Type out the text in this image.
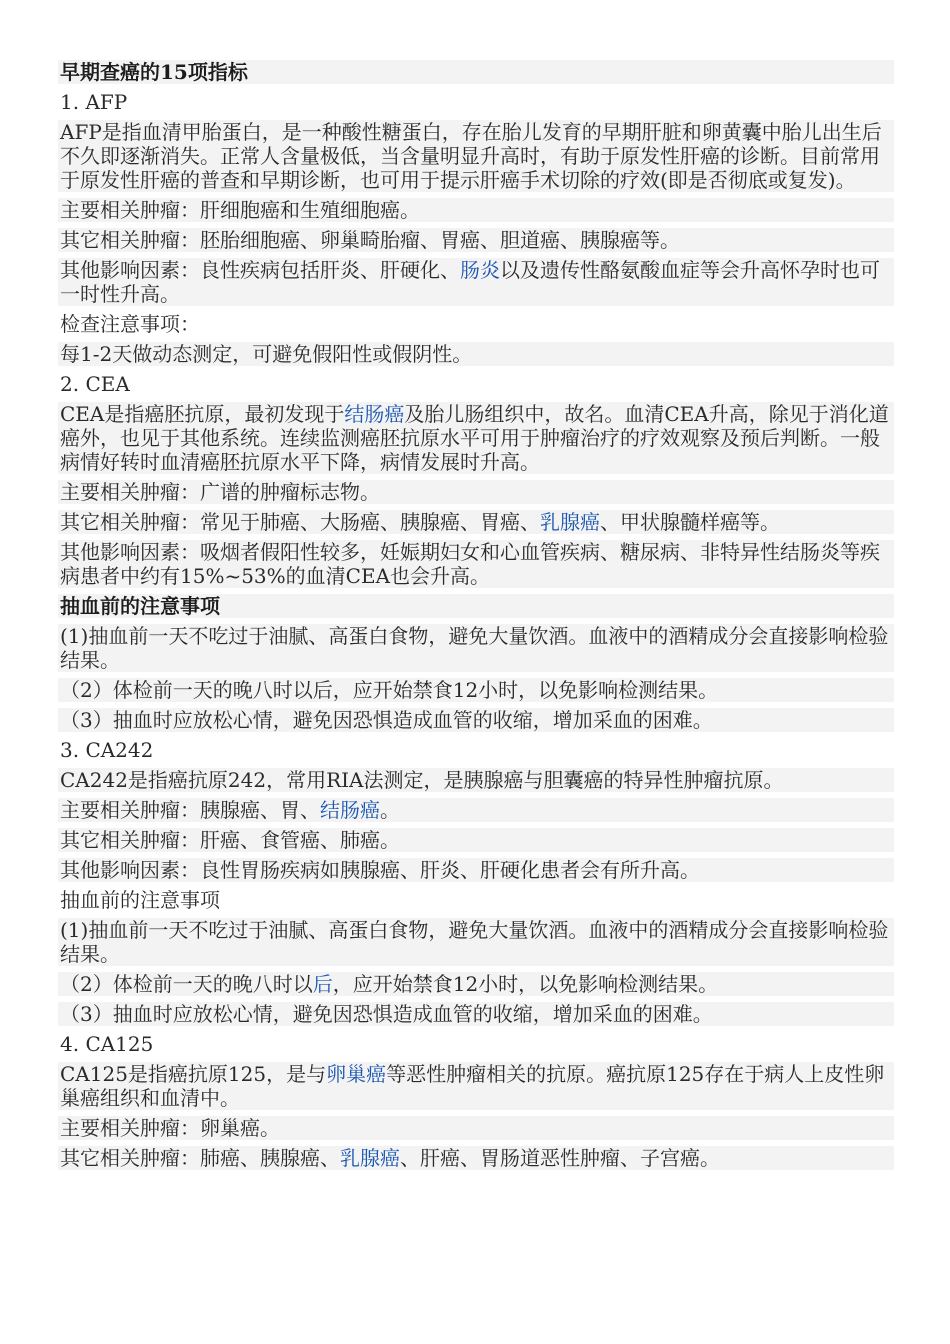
早期查癌的15项指标
1. AFP
AFP是指血清甲胎蛋白，是一种酸性糖蛋白，存在胎儿发育的早期肝脏和卵黄囊中胎儿出生后不久即逐渐消失。正常人含量极低，当含量明显升高时，有助于原发性肝癌的诊断。目前常用于原发性肝癌的普查和早期诊断，也可用于提示肝癌手术切除的疗效(即是否彻底或复发)。
主要相关肿瘤：肝细胞癌和生殖细胞癌。
其它相关肿瘤：胚胎细胞癌、卵巢畸胎瘤、胃癌、胆道癌、胰腺癌等。
其他影响因素：良性疾病包括肝炎、肝硬化、肠炎以及遗传性酪氨酸血症等会升高怀孕时也可一时性升高。
检查注意事项：
每1-2天做动态测定，可避免假阳性或假阴性。
2. CEA
CEA是指癌胚抗原，最初发现于结肠癌及胎儿肠组织中，故名。血清CEA升高，除见于消化道癌外，也见于其他系统。连续监测癌胚抗原水平可用于肿瘤治疗的疗效观察及预后判断。一般病情好转时血清癌胚抗原水平下降，病情发展时升高。
主要相关肿瘤：广谱的肿瘤标志物。
其它相关肿瘤：常见于肺癌、大肠癌、胰腺癌、胃癌、乳腺癌、甲状腺髓样癌等。
其他影响因素：吸烟者假阳性较多，妊娠期妇女和心血管疾病、糖尿病、非特异性结肠炎等疾病患者中约有15%~53%的血清CEA也会升高。
抽血前的注意事项
(1)抽血前一天不吃过于油腻、高蛋白食物，避免大量饮酒。血液中的酒精成分会直接影响检验结果。
（2）体检前一天的晚八时以后，应开始禁食12小时，以免影响检测结果。
（3）抽血时应放松心情，避免因恐惧造成血管的收缩，增加采血的困难。
3. CA242
CA242是指癌抗原242，常用RIA法测定，是胰腺癌与胆囊癌的特异性肿瘤抗原。
主要相关肿瘤：胰腺癌、胃、结肠癌。
其它相关肿瘤：肝癌、食管癌、肺癌。
其他影响因素：良性胃肠疾病如胰腺癌、肝炎、肝硬化患者会有所升高。
抽血前的注意事项
(1)抽血前一天不吃过于油腻、高蛋白食物，避免大量饮酒。血液中的酒精成分会直接影响检验结果。
（2）体检前一天的晚八时以后，应开始禁食12小时，以免影响检测结果。
（3）抽血时应放松心情，避免因恐惧造成血管的收缩，增加采血的困难。
4. CA125
CA125是指癌抗原125，是与卵巢癌等恶性肿瘤相关的抗原。癌抗原125存在于病人上皮性卵巢癌组织和血清中。
主要相关肿瘤：卵巢癌。
其它相关肿瘤：肺癌、胰腺癌、乳腺癌、肝癌、胃肠道恶性肿瘤、子宫癌。
